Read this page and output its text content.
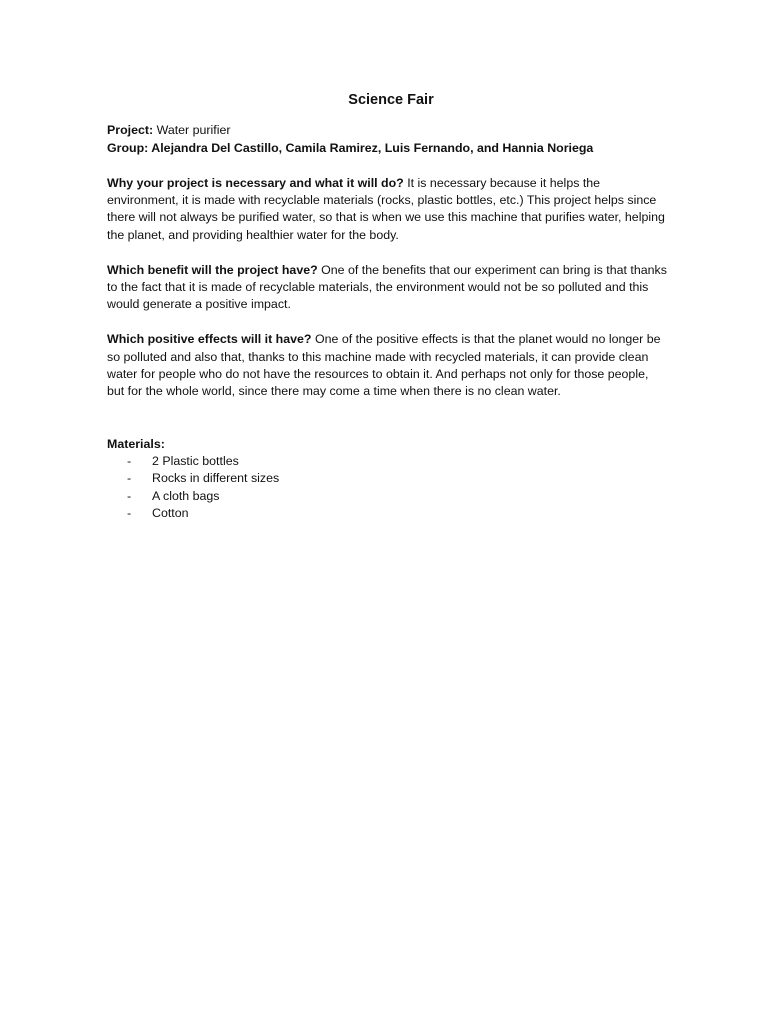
Science Fair

Project: Water purifier

Group: Alejandra Del Castillo, Camila Ramirez, Luis Fernando, and Hannia Noriega

Why your project is necessary and what it will do? It is necessary because it helps the environment, it is made with recyclable materials (rocks, plastic bottles, etc.) This project helps since there will not always be purified water, so that is when we use this machine that purifies water, helping the planet, and providing healthier water for the body.

Which benefit will the project have? One of the benefits that our experiment can bring is that thanks to the fact that it is made of recyclable materials, the environment would not be so polluted and this would generate a positive impact.

Which positive effects will it have? One of the positive effects is that the planet would no longer be so polluted and also that, thanks to this machine made with recycled materials, it can provide clean water for people who do not have the resources to obtain it. And perhaps not only for those people, but for the whole world, since there may come a time when there is no clean water.

Materials:

- 2 Plastic bottles
- Rocks in different sizes
- A cloth bags
- Cotton
